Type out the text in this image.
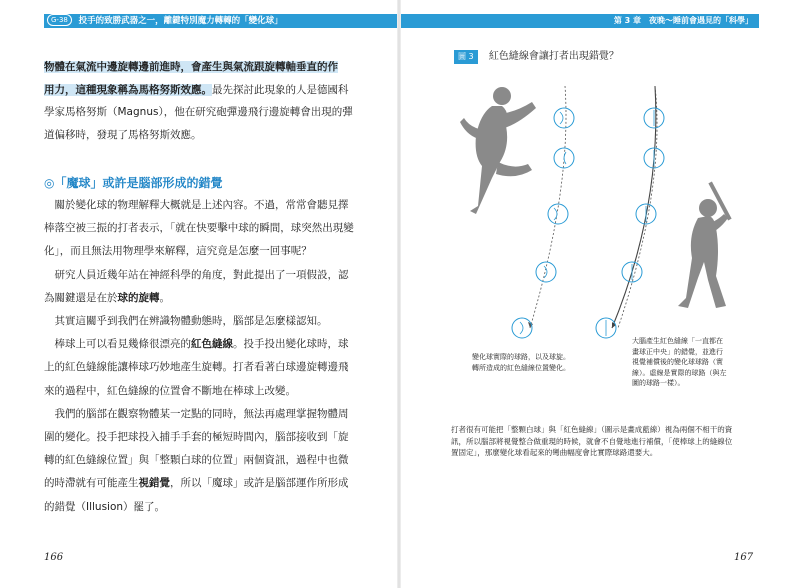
G-38 投手的致勝武器之一，離鍵特別魔力轉轉的「變化球」	第 3 章　夜晚～睡前會遇見的「科學」

物體在氣流中邊旋轉邊前進時，會產生與氣流跟旋轉軸垂直的作

用力，這種現象稱為馬格努斯效應。最先探討此現象的人是德國科

學家馬格努斯（Magnus），他在研究砲彈邊飛行邊旋轉會出現的彈

道偏移時，發現了馬格努斯效應。

◎「魔球」或許是腦部形成的錯覺

關於變化球的物理解釋大概就是上述內容。不過，常常會聽見擇

棒落空被三振的打者表示，「就在快要擊中球的瞬間，球突然出現變

化」，而且無法用物理學來解釋，這究竟是怎麼一回事呢？

研究人員近幾年站在神經科學的角度，對此提出了一項假設，認

為關鍵還是在於球的旋轉。

其實這關乎到我們在辨識物體動態時，腦部是怎麼樣認知。

棒球上可以看見幾條很漂亮的紅色縫線。投手投出變化球時，球

上的紅色縫線能讓棒球巧妙地產生旋轉。打者看著白球邊旋轉邊飛

來的過程中，紅色縫線的位置會不斷地在棒球上改變。

我們的腦部在觀察物體某一定點的同時，無法再處理掌握物體周

圍的變化。投手把球投入捕手手套的極短時間內，腦部接收到「旋

轉的紅色縫線位置」與「整顆白球的位置」兩個資訊，過程中也微

的時滯就有可能產生視錯覺，所以「魔球」或許是腦部運作所形成

的錯覺（Illusion）罷了。

166	167
圖 3 紅色縫線會讓打者出現錯覺？
變化球實際的球路，以及球旋。
轉所造成的紅色縫線位置變化。
大腦產生紅色縫線「一直都在
畫球正中央」的錯覺，並進行
視覺補償後的變化球球路（實
線）。虛線是實際的球路（與左
圖的球路一樣）。
打者很有可能把「整顆白球」與「紅色縫線」（圖示是畫成藍線）視為兩個不相干的資
訊，所以腦部將視覺整合做重現的時候，就會不自覺地進行補償，「使棒球上的縫線位
置固定」，那麼變化球看起來的彎曲幅度會比實際球路還要大。
